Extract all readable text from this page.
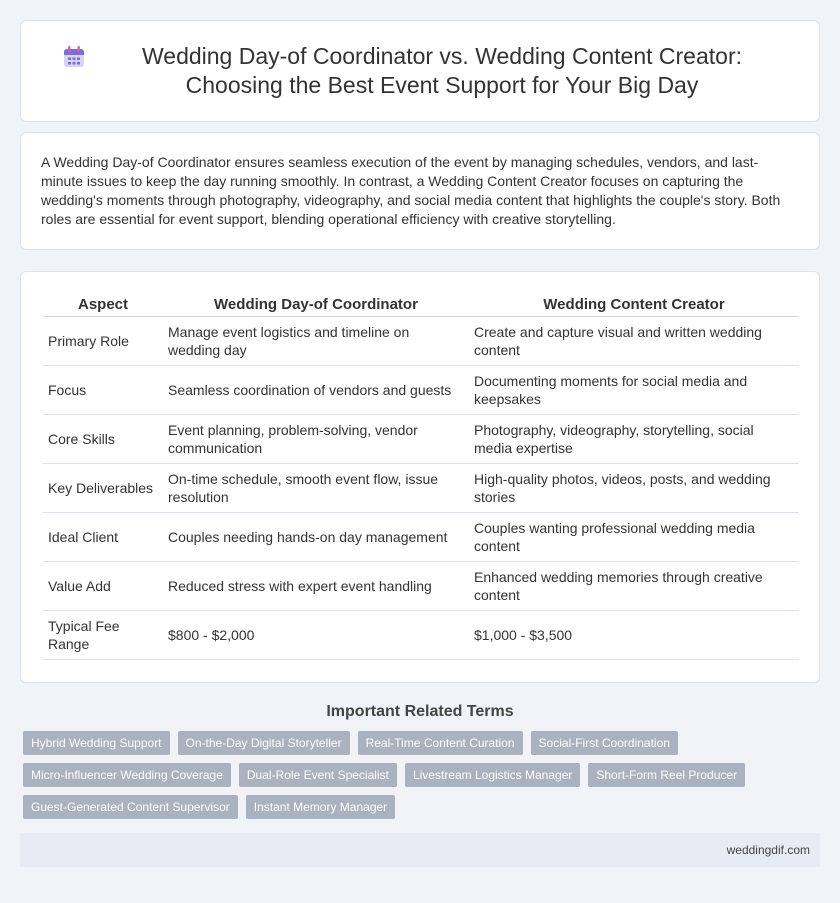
Wedding Day-of Coordinator vs. Wedding Content Creator: Choosing the Best Event Support for Your Big Day

A Wedding Day-of Coordinator ensures seamless execution of the event by managing schedules, vendors, and last-minute issues to keep the day running smoothly. In contrast, a Wedding Content Creator focuses on capturing the wedding's moments through photography, videography, and social media content that highlights the couple's story. Both roles are essential for event support, blending operational efficiency with creative storytelling.

Aspect	Wedding Day-of Coordinator	Wedding Content Creator
Primary Role	Manage event logistics and timeline on wedding day	Create and capture visual and written wedding content
Focus	Seamless coordination of vendors and guests	Documenting moments for social media and keepsakes
Core Skills	Event planning, problem-solving, vendor communication	Photography, videography, storytelling, social media expertise
Key Deliverables	On-time schedule, smooth event flow, issue resolution	High-quality photos, videos, posts, and wedding stories
Ideal Client	Couples needing hands-on day management	Couples wanting professional wedding media content
Value Add	Reduced stress with expert event handling	Enhanced wedding memories through creative content
Typical Fee Range	$800 - $2,000	$1,000 - $3,500
Important Related Terms
Hybrid Wedding Support	On-the-Day Digital Storyteller	Real-Time Content Curation	Social-First Coordination
Micro-Influencer Wedding Coverage	Dual-Role Event Specialist	Livestream Logistics Manager	Short-Form Reel Producer
Guest-Generated Content Supervisor	Instant Memory Manager
weddingdif.com
